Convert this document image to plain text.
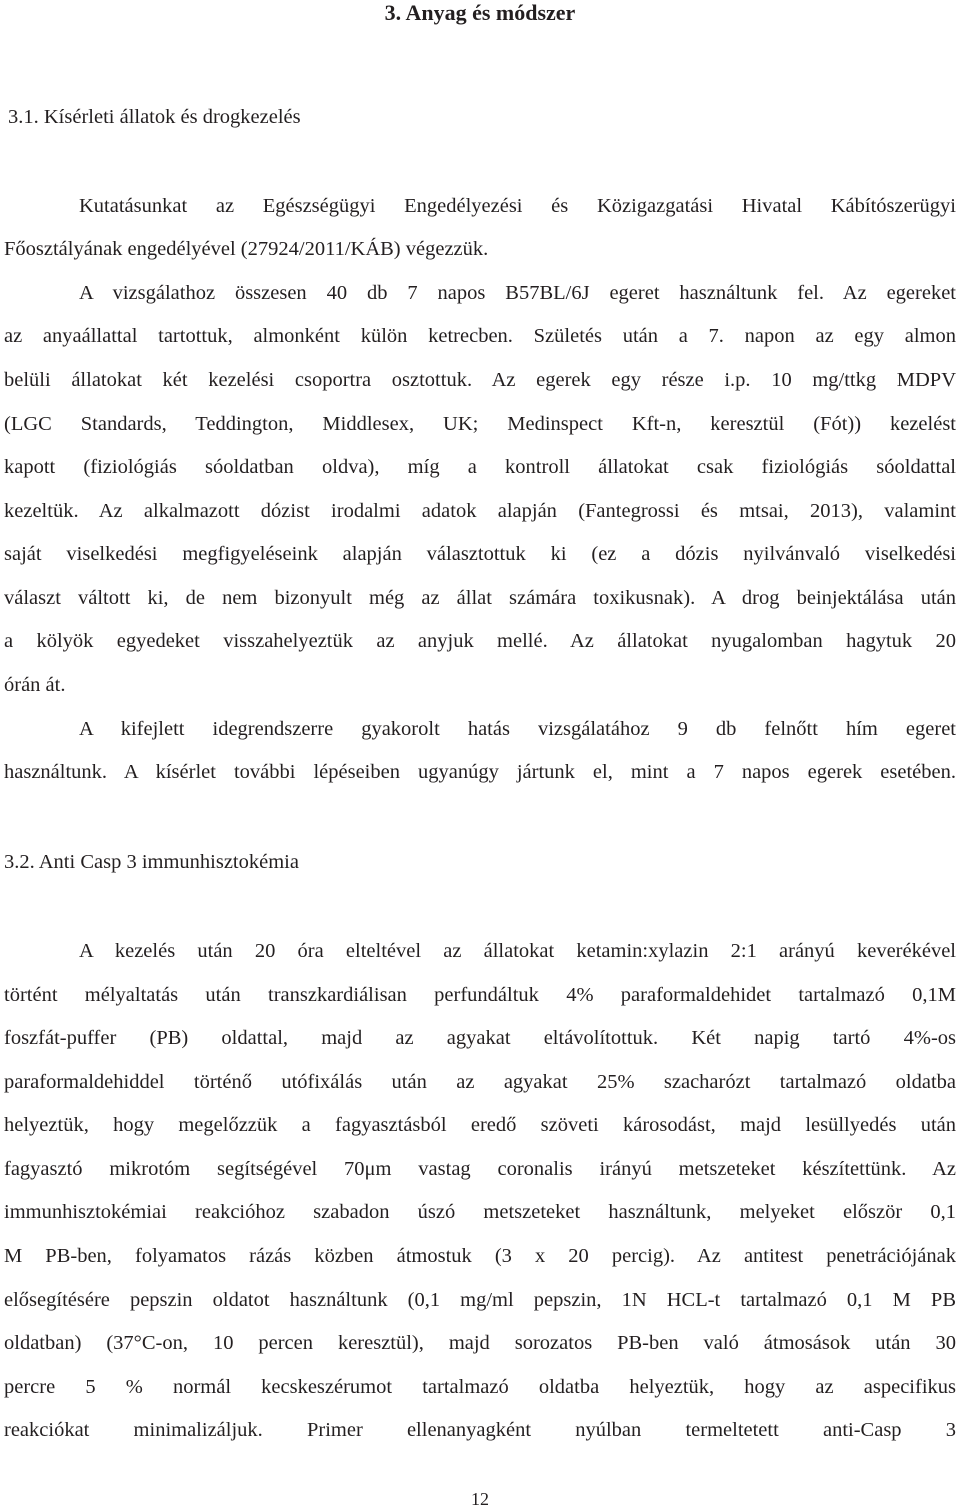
3. Anyag és módszer
3.1. Kísérleti állatok és drogkezelés
Kutatásunkat az Egészségügyi Engedélyezési és Közigazgatási Hivatal Kábítószerügyi
Főosztályának engedélyével (27924/2011/KÁB) végezzük.
A vizsgálathoz összesen 40 db 7 napos B57BL/6J egeret használtunk fel. Az egereket
az anyaállattal tartottuk, almonként külön ketrecben. Születés után a 7. napon az egy almon
belüli állatokat két kezelési csoportra osztottuk. Az egerek egy része i.p. 10 mg/ttkg MDPV
(LGC Standards, Teddington, Middlesex, UK; Medinspect Kft-n, keresztül (Fót)) kezelést
kapott (fiziológiás sóoldatban oldva), míg a kontroll állatokat csak fiziológiás sóoldattal
kezeltük. Az alkalmazott dózist irodalmi adatok alapján (Fantegrossi és mtsai, 2013), valamint
saját viselkedési megfigyeléseink alapján választottuk ki (ez a dózis nyilvánvaló viselkedési
választ váltott ki, de nem bizonyult még az állat számára toxikusnak). A drog beinjektálása után
a kölyök egyedeket visszahelyeztük az anyjuk mellé. Az állatokat nyugalomban hagytuk 20
órán át.
A kifejlett idegrendszerre gyakorolt hatás vizsgálatához 9 db felnőtt hím egeret
használtunk. A kísérlet további lépéseiben ugyanúgy jártunk el, mint a 7 napos egerek esetében.
3.2. Anti Casp 3 immunhisztokémia
A kezelés után 20 óra elteltével az állatokat ketamin:xylazin 2:1 arányú keverékével
történt mélyaltatás után transzkardiálisan perfundáltuk 4% paraformaldehidet tartalmazó 0,1M
foszfát-puffer (PB) oldattal, majd az agyakat eltávolítottuk. Két napig tartó 4%-os
paraformaldehiddel történő utófixálás után az agyakat 25% szacharózt tartalmazó oldatba
helyeztük, hogy megelőzzük a fagyasztásból eredő szöveti károsodást, majd lesüllyedés után
fagyasztó mikrotóm segítségével 70μm vastag coronalis irányú metszeteket készítettünk. Az
immunhisztokémiai reakcióhoz szabadon úszó metszeteket használtunk, melyeket először 0,1
M PB-ben, folyamatos rázás közben átmostuk (3 x 20 percig). Az antitest penetrációjának
elősegítésére pepszin oldatot használtunk (0,1 mg/ml pepszin, 1N HCL-t tartalmazó 0,1 M PB
oldatban) (37°C-on, 10 percen keresztül), majd sorozatos PB-ben való átmosások után 30
percre 5 % normál kecskeszérumot tartalmazó oldatba helyeztük, hogy az aspecifikus
reakciókat minimalizáljuk. Primer ellenanyagként nyúlban termeltetett anti-Casp 3
12
